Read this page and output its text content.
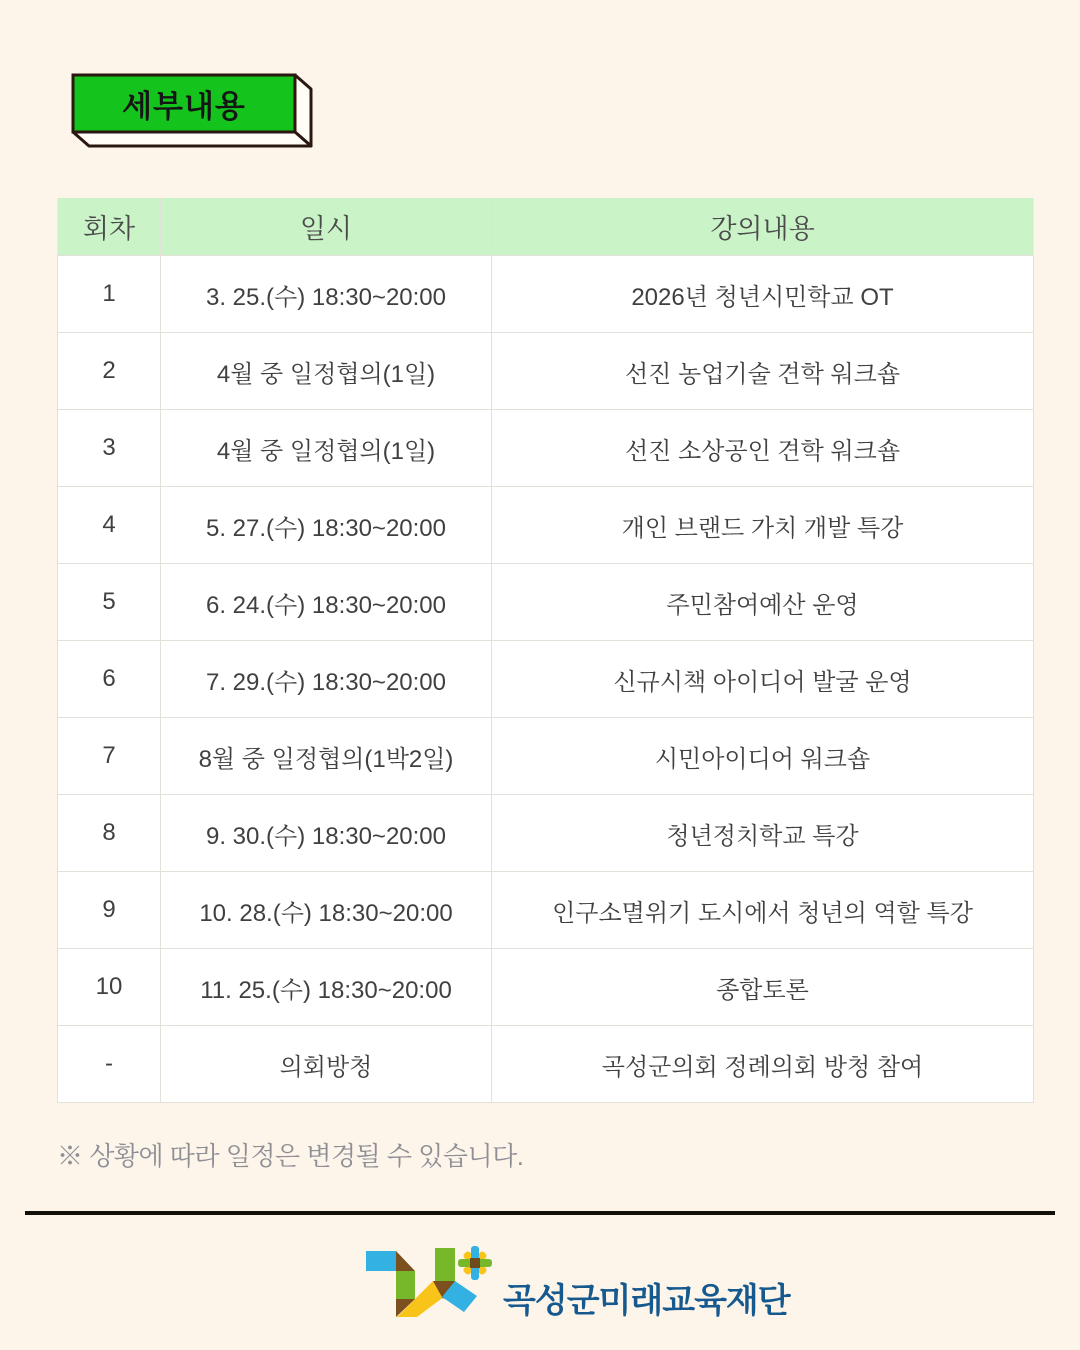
세부내용
회차	일시	강의내용
1	3. 25.(수) 18:30~20:00	2026년 청년시민학교 OT
2	4월 중 일정협의(1일)	선진 농업기술 견학 워크숍
3	4월 중 일정협의(1일)	선진 소상공인 견학 워크숍
4	5. 27.(수) 18:30~20:00	개인 브랜드 가치 개발 특강
5	6. 24.(수) 18:30~20:00	주민참여예산 운영
6	7. 29.(수) 18:30~20:00	신규시책 아이디어 발굴 운영
7	8월 중 일정협의(1박2일)	시민아이디어 워크숍
8	9. 30.(수) 18:30~20:00	청년정치학교 특강
9	10. 28.(수) 18:30~20:00	인구소멸위기 도시에서 청년의 역할 특강
10	11. 25.(수) 18:30~20:00	종합토론
-	의회방청	곡성군의회 정례의회 방청 참여

※ 상황에 따라 일정은 변경될 수 있습니다.

곡성군미래교육재단
